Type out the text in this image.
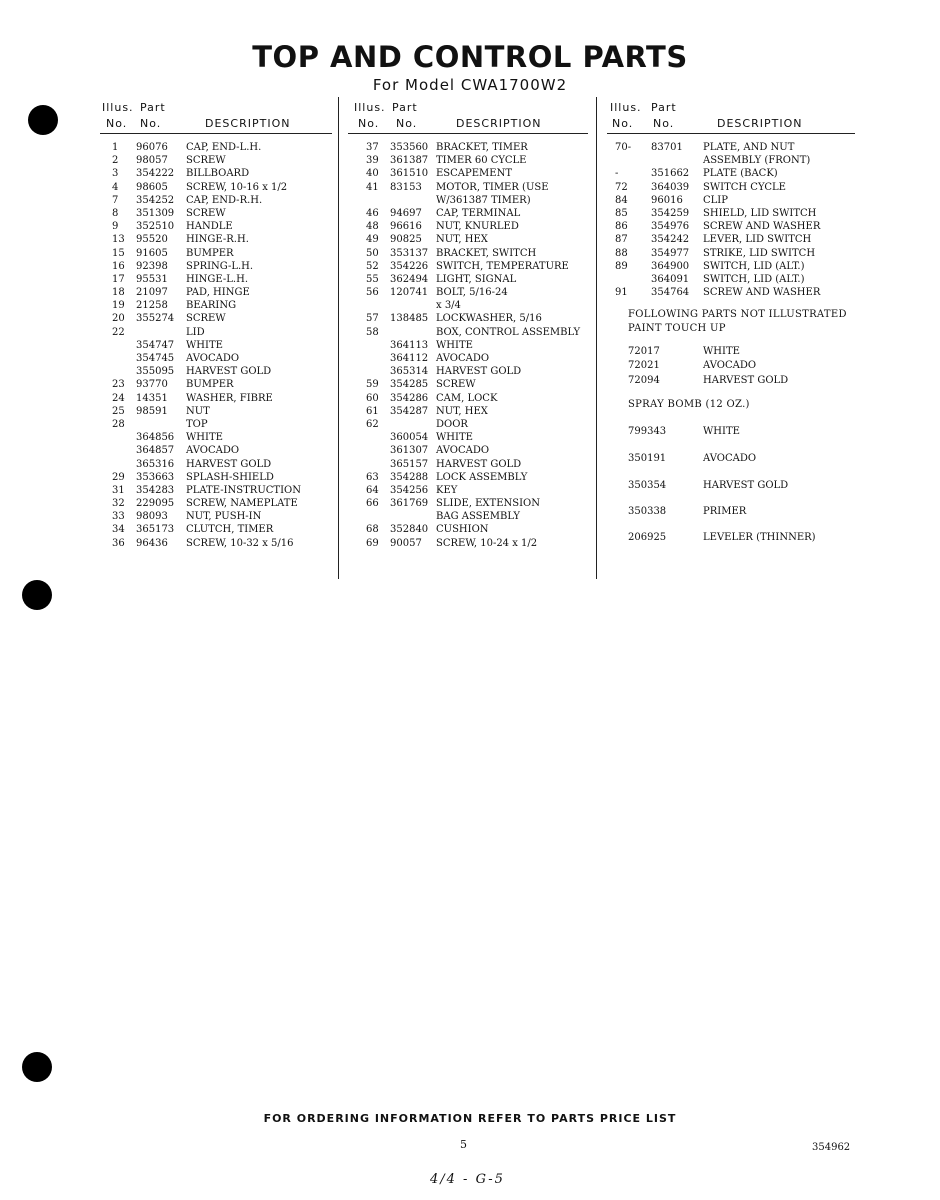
TOP AND CONTROL PARTS
For Model CWA1700W2
Illus. Part
No. No.	DESCRIPTION
1 96076 CAP, END-L.H.
2 98057 SCREW
3 354222 BILLBOARD
4 98605 SCREW, 10-16 x 1/2
7 354252 CAP, END-R.H.
8 351309 SCREW
9 352510 HANDLE
13 95520 HINGE-R.H.
15 91605 BUMPER
16 92398 SPRING-L.H.
17 95531 HINGE-L.H.
18 21097 PAD, HINGE
19 21258 BEARING
20 355274 SCREW
22	LID
354747 WHITE
354745 AVOCADO
355095 HARVEST GOLD
23 93770 BUMPER
24 14351 WASHER, FIBRE
25 98591 NUT
28	TOP
364856 WHITE
364857 AVOCADO
365316 HARVEST GOLD
29 353663 SPLASH-SHIELD
31 354283 PLATE-INSTRUCTION
32 229095 SCREW, NAMEPLATE
33 98093 NUT, PUSH-IN
34 365173 CLUTCH, TIMER
36 96436 SCREW, 10-32 x 5/16
Illus. Part
No. No.	DESCRIPTION
37 353560 BRACKET, TIMER
39 361387 TIMER 60 CYCLE
40 361510 ESCAPEMENT
41 83153 MOTOR, TIMER (USE
W/361387 TIMER)
46 94697 CAP, TERMINAL
48 96616 NUT, KNURLED
49 90825 NUT, HEX
50 353137 BRACKET, SWITCH
52 354226 SWITCH, TEMPERATURE
55 362494 LIGHT, SIGNAL
56 120741 BOLT, 5/16-24
x 3/4
57 138485 LOCKWASHER, 5/16
58	BOX, CONTROL ASSEMBLY
364113 WHITE
364112 AVOCADO
365314 HARVEST GOLD
59 354285 SCREW
60 354286 CAM, LOCK
61 354287 NUT, HEX
62	DOOR
360054 WHITE
361307 AVOCADO
365157 HARVEST GOLD
63 354288 LOCK ASSEMBLY
64 354256 KEY
66 361769 SLIDE, EXTENSION
BAG ASSEMBLY
68 352840 CUSHION
69 90057 SCREW, 10-24 x 1/2
Illus. Part
No. No.	DESCRIPTION
70- 83701 PLATE, AND NUT
ASSEMBLY (FRONT)
-	351662 PLATE (BACK)
72 364039 SWITCH CYCLE
84 96016 CLIP
85 354259 SHIELD, LID SWITCH
86 354976 SCREW AND WASHER
87 354242 LEVER, LID SWITCH
88 354977 STRIKE, LID SWITCH
89 364900 SWITCH, LID (ALT.)
364091 SWITCH, LID (ALT.)
91 354764 SCREW AND WASHER
FOLLOWING PARTS NOT ILLUSTRATED
PAINT TOUCH UP
72017	WHITE
72021	AVOCADO
72094	HARVEST GOLD
SPRAY BOMB (12 OZ.)
799343	WHITE
350191	AVOCADO
350354	HARVEST GOLD
350338	PRIMER
206925	LEVELER (THINNER)
FOR ORDERING INFORMATION REFER TO PARTS PRICE LIST
5	354962
4/4 - G-5
